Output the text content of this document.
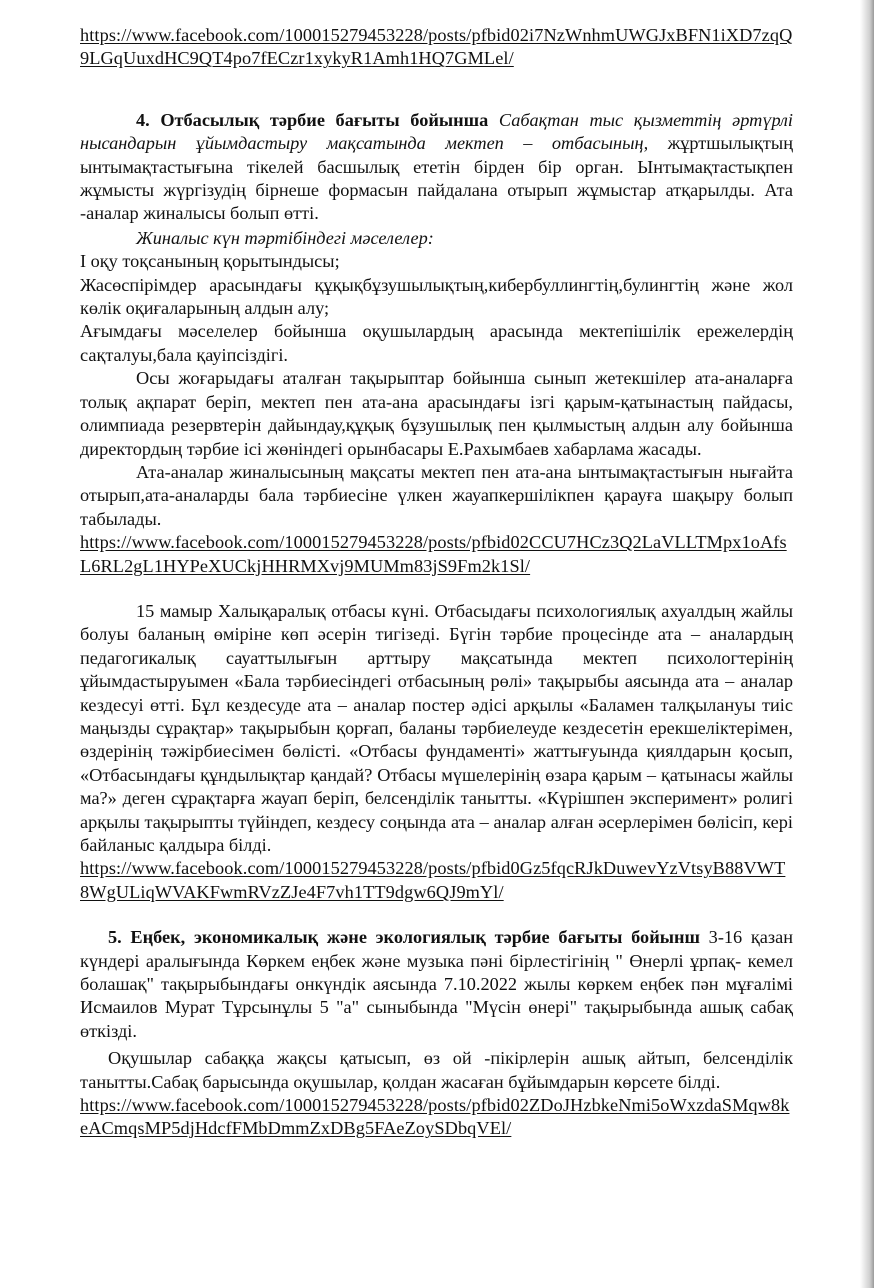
https://www.facebook.com/100015279453228/posts/pfbid02i7NzWnhmUWGJxBFN1iXD7zqQ9LGqUuxdHC9QT4po7fECzr1xykyR1Amh1HQ7GMLel/

4. Отбасылық тәрбие бағыты бойынша Сабақтан тыс қызметтің әртүрлі нысандарын ұйымдастыру мақсатында мектеп – отбасының, жұртшылықтың ынтымақтастығына тікелей басшылық ететін бірден бір орган. Ынтымақтастықпен жұмысты жүргізудің бірнеше формасын пайдалана отырып жұмыстар атқарылды. Ата -аналар жиналысы болып өтті.

Жиналыс күн тәртібіндегі мәселелер:

I оқу тоқсанының қорытындысы;

Жасөспірімдер арасындағы құқықбұзушылықтың,кибербуллингтің,булингтің және жол көлік оқиғаларының алдын алу;

Ағымдағы мәселелер бойынша оқушылардың арасында мектепішілік ережелердің сақталуы,бала қауіпсіздігі.

Осы жоғарыдағы аталған тақырыптар бойынша сынып жетекшілер ата-аналарға толық ақпарат беріп, мектеп пен ата-ана арасындағы ізгі қарым-қатынастың пайдасы, олимпиада резервтерін дайындау,құқық бұзушылық пен қылмыстың алдын алу бойынша директордың тәрбие ісі жөніндегі орынбасары Е.Рахымбаев хабарлама жасады.

Ата-аналар жиналысының мақсаты мектеп пен ата-ана ынтымақтастығын нығайта отырып,ата-аналарды бала тәрбиесіне үлкен жауапкершілікпен қарауға шақыру болып табылады.

https://www.facebook.com/100015279453228/posts/pfbid02CCU7HCz3Q2LaVLLTMpx1oAfsL6RL2gL1HYPeXUCkjHHRMXvj9MUMm83jS9Fm2k1Sl/

15 мамыр Халықаралық отбасы күні. Отбасыдағы психологиялық ахуалдың жайлы болуы баланың өміріне көп әсерін тигізеді. Бүгін тәрбие процесінде ата – аналардың педагогикалық сауаттылығын арттыру мақсатында мектеп психологтерінің ұйымдастыруымен «Бала тәрбиесіндегі отбасының рөлі» тақырыбы аясында ата – аналар кездесуі өтті. Бұл кездесуде ата – аналар постер әдісі арқылы «Баламен талқылануы тиіс маңызды сұрақтар» тақырыбын қорғап, баланы тәрбиелеуде кездесетін ерекшеліктерімен, өздерінің тәжірбиесімен бөлісті. «Отбасы фундаменті» жаттығуында қиялдарын қосып, «Отбасындағы құндылықтар қандай? Отбасы мүшелерінің өзара қарым – қатынасы жайлы ма?» деген сұрақтарға жауап беріп, белсенділік танытты. «Күрішпен эксперимент» ролигі арқылы тақырыпты түйіндеп, кездесу соңында ата – аналар алған әсерлерімен бөлісіп, кері байланыс қалдыра білді.

https://www.facebook.com/100015279453228/posts/pfbid0Gz5fqcRJkDuwevYzVtsyB88VWT8WgULiqWVAKFwmRVzZJe4F7vh1TT9dgw6QJ9mYl/

5. Еңбек, экономикалық және экологиялық тәрбие бағыты бойынш 3-16 қазан күндері аралығында Көркем еңбек және музыка пәні бірлестігінің " Өнерлі ұрпақ- кемел болашақ" тақырыбындағы онкүндік аясында 7.10.2022 жылы көркем еңбек пән мұғалімі Исмаилов Мурат Тұрсынұлы 5 "а" сыныбында "Мүсін өнері" тақырыбында ашық сабақ өткізді.

Оқушылар сабаққа жақсы қатысып, өз ой -пікірлерін ашық айтып, белсенділік танытты.Сабақ барысында оқушылар, қолдан жасаған бұйымдарын көрсете білді.

https://www.facebook.com/100015279453228/posts/pfbid02ZDoJHzbkeNmi5oWxzdaSMqw8keACmqsMP5djHdcfFMbDmmZxDBg5FAeZoySDbqVEl/
